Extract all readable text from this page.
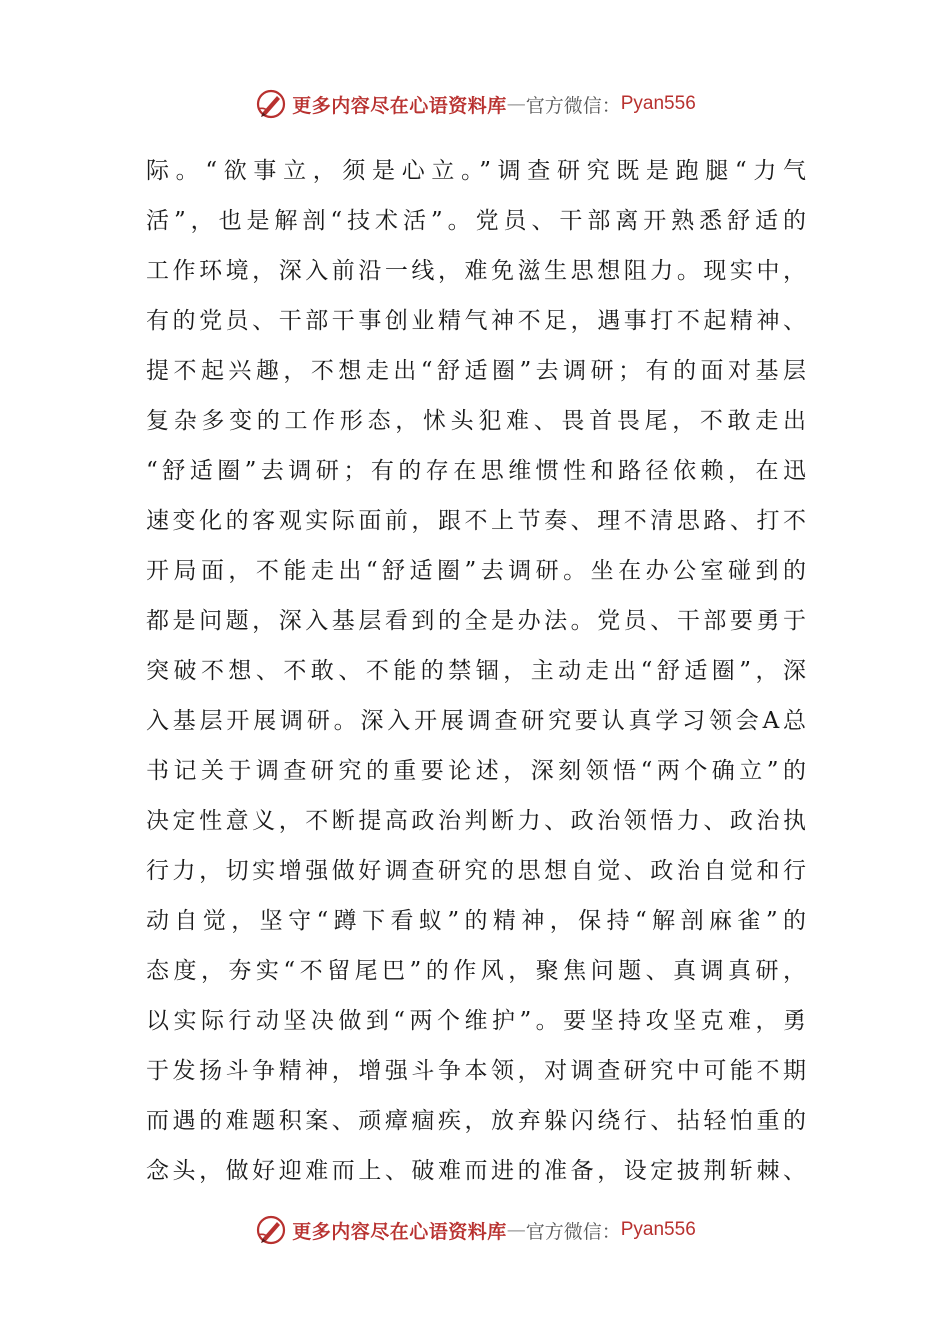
更多内容尽在心语资料库 — 官方微信： Pyan556
际。“欲事立，须是心立。”调查研究既是跑腿“力气
活”，也是解剖“技术活”。党员、干部离开熟悉舒适的
工作环境，深入前沿一线，难免滋生思想阻力。现实中，
有的党员、干部干事创业精气神不足，遇事打不起精神、
提不起兴趣，不想走出“舒适圈”去调研；有的面对基层
复杂多变的工作形态，怵头犯难、畏首畏尾，不敢走出
“舒适圈”去调研；有的存在思维惯性和路径依赖，在迅
速变化的客观实际面前，跟不上节奏、理不清思路、打不
开局面，不能走出“舒适圈”去调研。坐在办公室碰到的
都是问题，深入基层看到的全是办法。党员、干部要勇于
突破不想、不敢、不能的禁锢，主动走出“舒适圈”，深
入基层开展调研。深入开展调查研究要认真学习领会A总
书记关于调查研究的重要论述，深刻领悟“两个确立”的
决定性意义，不断提高政治判断力、政治领悟力、政治执
行力，切实增强做好调查研究的思想自觉、政治自觉和行
动自觉，坚守“蹲下看蚁”的精神，保持“解剖麻雀”的
态度，夯实“不留尾巴”的作风，聚焦问题、真调真研，
以实际行动坚决做到“两个维护”。要坚持攻坚克难，勇
于发扬斗争精神，增强斗争本领，对调查研究中可能不期
而遇的难题积案、顽瘴痼疾，放弃躲闪绕行、拈轻怕重的
念头，做好迎难而上、破难而进的准备，设定披荆斩棘、
更多内容尽在心语资料库 — 官方微信： Pyan556
